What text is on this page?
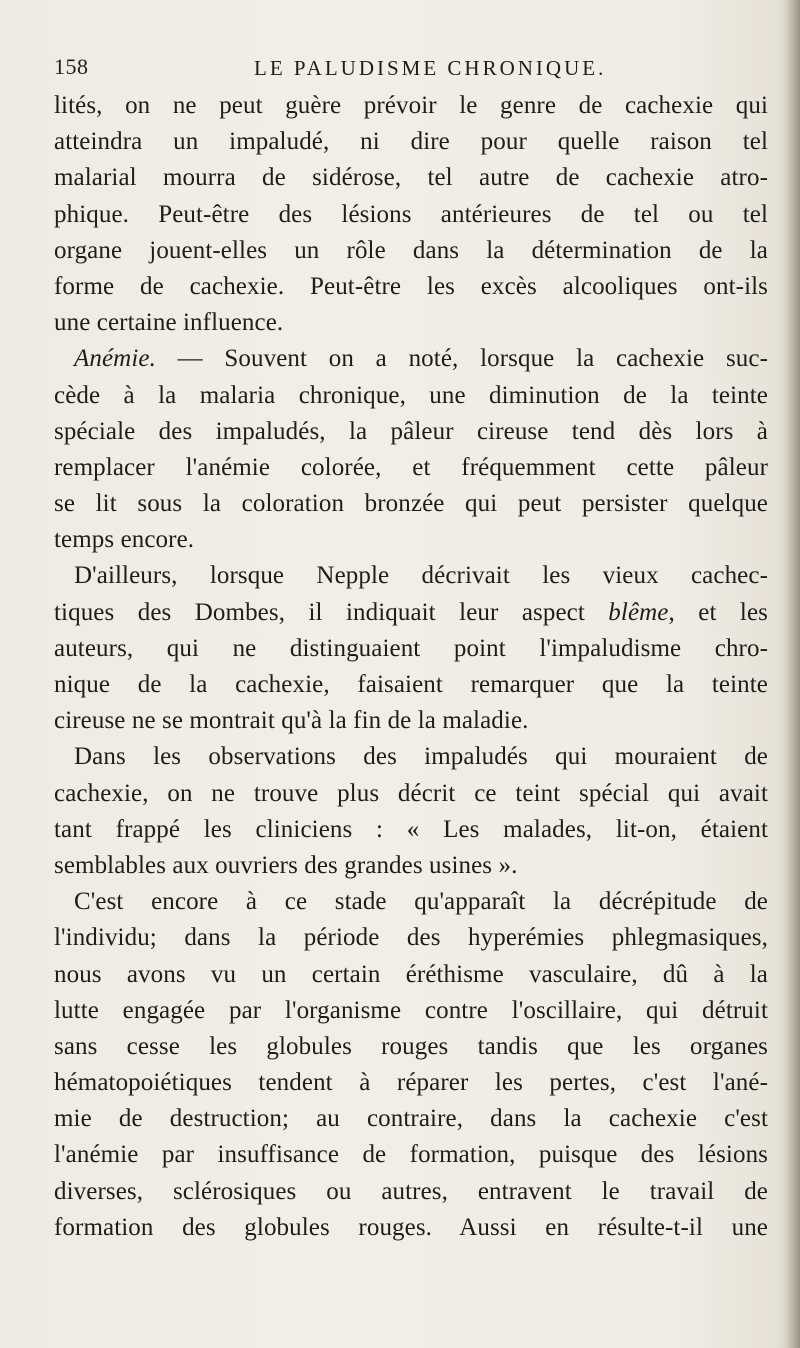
158	LE PALUDISME CHRONIQUE.
lités, on ne peut guère prévoir le genre de cachexie qui
atteindra un impaludé, ni dire pour quelle raison tel
malarial mourra de sidérose, tel autre de cachexie atro-
phique. Peut-être des lésions antérieures de tel ou tel
organe jouent-elles un rôle dans la détermination de la
forme de cachexie. Peut-être les excès alcooliques ont-ils
une certaine influence.
Anémie. — Souvent on a noté, lorsque la cachexie suc-
cède à la malaria chronique, une diminution de la teinte
spéciale des impaludés, la pâleur cireuse tend dès lors à
remplacer l'anémie colorée, et fréquemment cette pâleur
se lit sous la coloration bronzée qui peut persister quelque
temps encore.
D'ailleurs, lorsque Nepple décrivait les vieux cachec-
tiques des Dombes, il indiquait leur aspect blême, et les
auteurs, qui ne distinguaient point l'impaludisme chro-
nique de la cachexie, faisaient remarquer que la teinte
cireuse ne se montrait qu'à la fin de la maladie.
Dans les observations des impaludés qui mouraient de
cachexie, on ne trouve plus décrit ce teint spécial qui avait
tant frappé les cliniciens : « Les malades, lit-on, étaient
semblables aux ouvriers des grandes usines ».
C'est encore à ce stade qu'apparaît la décrépitude de
l'individu; dans la période des hyperémies phlegmasiques,
nous avons vu un certain éréthisme vasculaire, dû à la
lutte engagée par l'organisme contre l'oscillaire, qui détruit
sans cesse les globules rouges tandis que les organes
hématopoiétiques tendent à réparer les pertes, c'est l'ané-
mie de destruction; au contraire, dans la cachexie c'est
l'anémie par insuffisance de formation, puisque des lésions
diverses, sclérosiques ou autres, entravent le travail de
formation des globules rouges. Aussi en résulte-t-il une
